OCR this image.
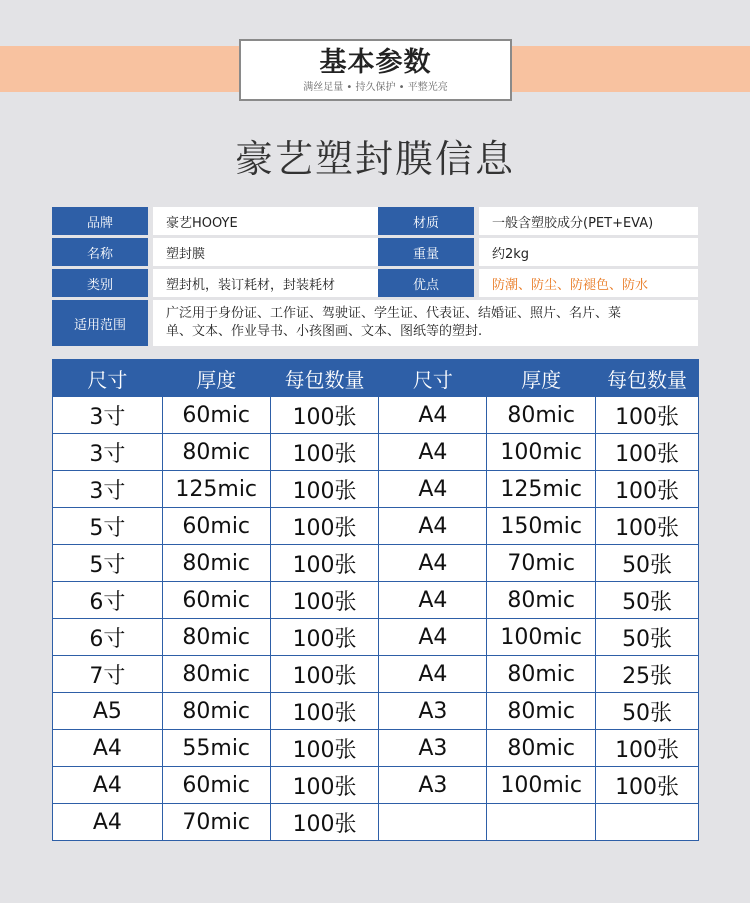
基本参数
满丝足量 • 持久保护 • 平整光亮
豪艺塑封膜信息
品牌	豪艺HOOYE	材质	一般含塑胶成分(PET+EVA)
名称	塑封膜	重量	约2kg
类别	塑封机，装订耗材，封装耗材	优点	防潮、防尘、防褪色、防水
适用范围
广泛用于身份证、工作证、驾驶证、学生证、代表证、结婚证、照片、名片、菜单、文本、作业导书、小孩图画、文本、图纸等的塑封.
尺寸	厚度	每包数量	尺寸	厚度	每包数量
3寸	60mic	100张	A4	80mic	100张
3寸	80mic	100张	A4	100mic	100张
3寸	125mic	100张	A4	125mic	100张
5寸	60mic	100张	A4	150mic	100张
5寸	80mic	100张	A4	70mic	50张
6寸	60mic	100张	A4	80mic	50张
6寸	80mic	100张	A4	100mic	50张
7寸	80mic	100张	A4	80mic	25张
A5	80mic	100张	A3	80mic	50张
A4	55mic	100张	A3	80mic	100张
A4	60mic	100张	A3	100mic	100张
A4	70mic	100张			
